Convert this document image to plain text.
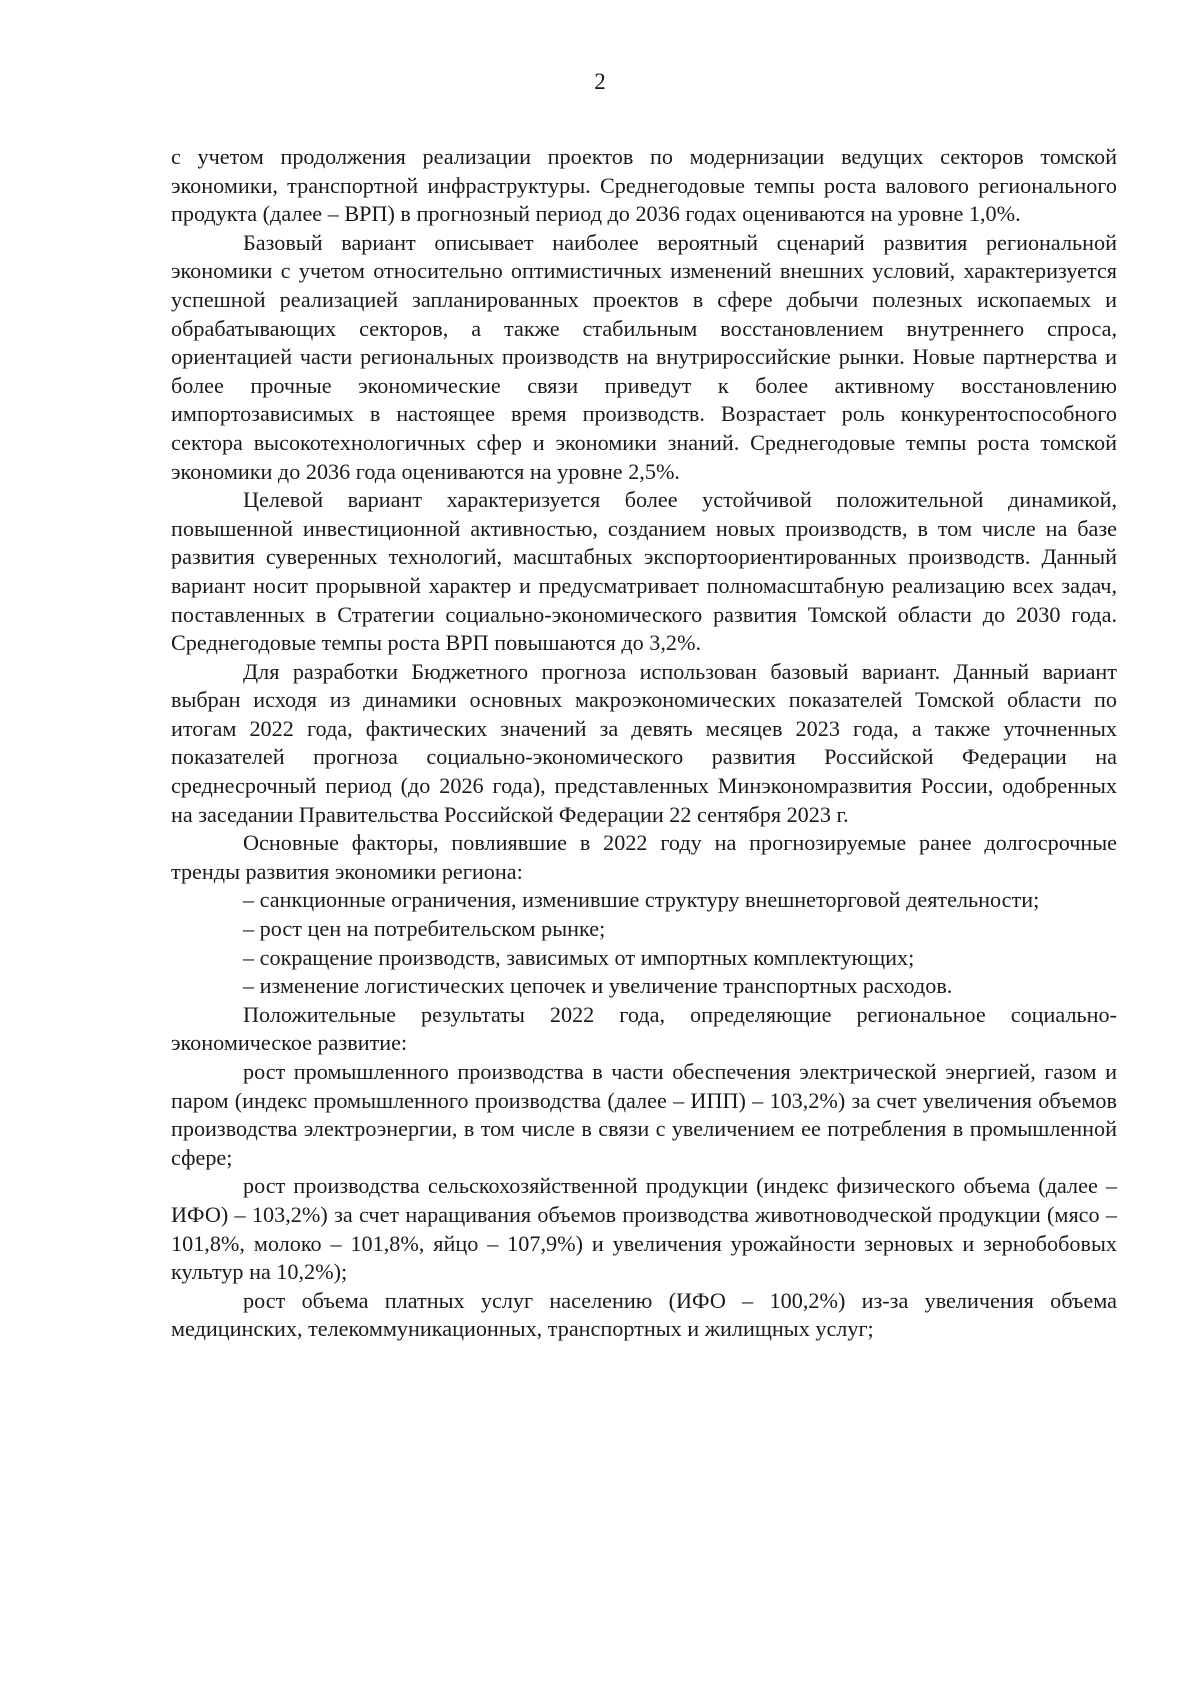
2

с учетом продолжения реализации проектов по модернизации ведущих секторов томской экономики, транспортной инфраструктуры. Среднегодовые темпы роста валового регионального продукта (далее – ВРП) в прогнозный период до 2036 годах оцениваются на уровне 1,0%.

Базовый вариант описывает наиболее вероятный сценарий развития региональной экономики с учетом относительно оптимистичных изменений внешних условий, характеризуется успешной реализацией запланированных проектов в сфере добычи полезных ископаемых и обрабатывающих секторов, а также стабильным восстановлением внутреннего спроса, ориентацией части региональных производств на внутрироссийские рынки. Новые партнерства и более прочные экономические связи приведут к более активному восстановлению импортозависимых в настоящее время производств. Возрастает роль конкурентоспособного сектора высокотехнологичных сфер и экономики знаний. Среднегодовые темпы роста томской экономики до 2036 года оцениваются на уровне 2,5%.

Целевой вариант характеризуется более устойчивой положительной динамикой, повышенной инвестиционной активностью, созданием новых производств, в том числе на базе развития суверенных технологий, масштабных экспортоориентированных производств. Данный вариант носит прорывной характер и предусматривает полномасштабную реализацию всех задач, поставленных в Стратегии социально-экономического развития Томской области до 2030 года. Среднегодовые темпы роста ВРП повышаются до 3,2%.

Для разработки Бюджетного прогноза использован базовый вариант. Данный вариант выбран исходя из динамики основных макроэкономических показателей Томской области по итогам 2022 года, фактических значений за девять месяцев 2023 года, а также уточненных показателей прогноза социально-экономического развития Российской Федерации на среднесрочный период (до 2026 года), представленных Минэкономразвития России, одобренных на заседании Правительства Российской Федерации 22 сентября 2023 г.

Основные факторы, повлиявшие в 2022 году на прогнозируемые ранее долгосрочные тренды развития экономики региона:

– санкционные ограничения, изменившие структуру внешнеторговой деятельности;

– рост цен на потребительском рынке;

– сокращение производств, зависимых от импортных комплектующих;

– изменение логистических цепочек и увеличение транспортных расходов.

Положительные результаты 2022 года, определяющие региональное социально-экономическое развитие:

рост промышленного производства в части обеспечения электрической энергией, газом и паром (индекс промышленного производства (далее – ИПП) – 103,2%) за счет увеличения объемов производства электроэнергии, в том числе в связи с увеличением ее потребления в промышленной сфере;

рост производства сельскохозяйственной продукции (индекс физического объема (далее – ИФО) – 103,2%) за счет наращивания объемов производства животноводческой продукции (мясо – 101,8%, молоко – 101,8%, яйцо – 107,9%) и увеличения урожайности зерновых и зернобобовых культур на 10,2%);

рост объема платных услуг населению (ИФО – 100,2%) из-за увеличения объема медицинских, телекоммуникационных, транспортных и жилищных услуг;
